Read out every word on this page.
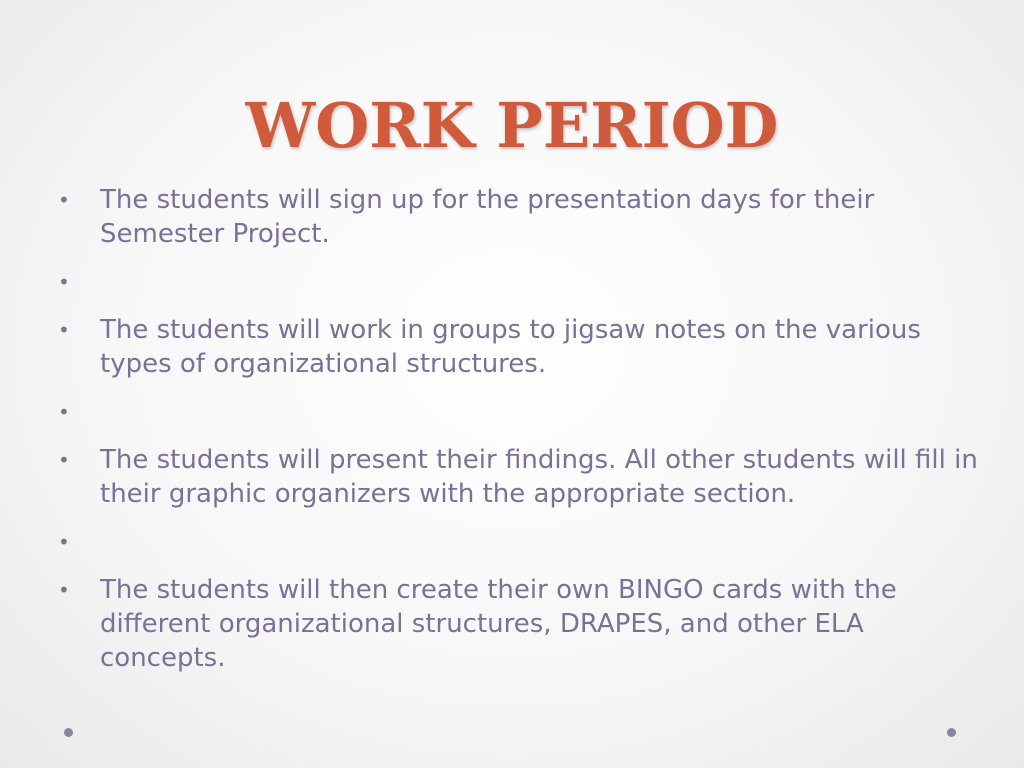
WORK PERIOD
• The students will sign up for the presentation days for their Semester Project.
•
• The students will work in groups to jigsaw notes on the various types of organizational structures.
•
• The students will present their findings. All other students will fill in their graphic organizers with the appropriate section.
•
• The students will then create their own BINGO cards with the different organizational structures, DRAPES, and other ELA concepts.
